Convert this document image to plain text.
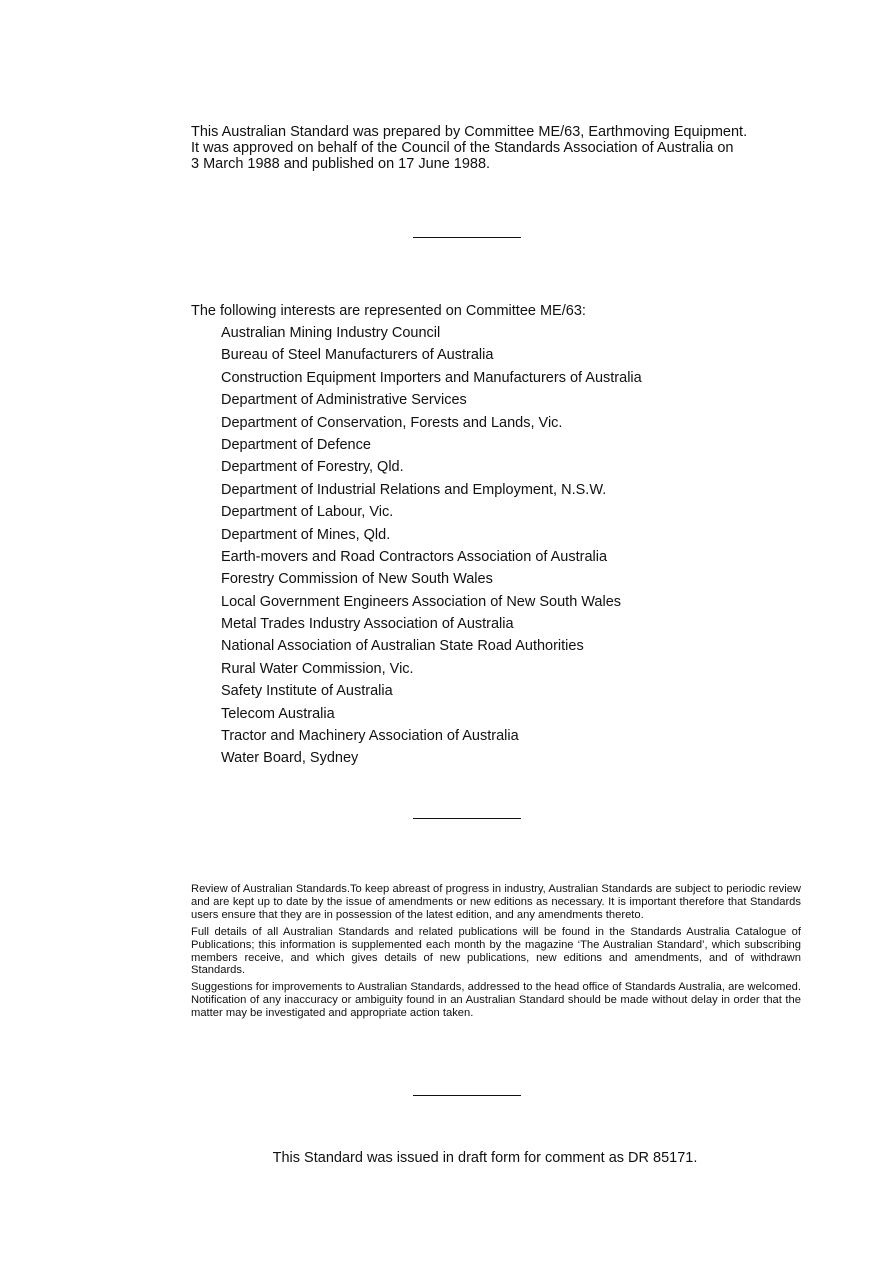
This Australian Standard was prepared by Committee ME/63, Earthmoving Equipment.

It was approved on behalf of the Council of the Standards Association of Australia on

3 March 1988 and published on 17 June 1988.

The following interests are represented on Committee ME/63:

Australian Mining Industry Council
Bureau of Steel Manufacturers of Australia
Construction Equipment Importers and Manufacturers of Australia
Department of Administrative Services
Department of Conservation, Forests and Lands, Vic.
Department of Defence
Department of Forestry, Qld.
Department of Industrial Relations and Employment, N.S.W.
Department of Labour, Vic.
Department of Mines, Qld.
Earth-movers and Road Contractors Association of Australia
Forestry Commission of New South Wales
Local Government Engineers Association of New South Wales
Metal Trades Industry Association of Australia
National Association of Australian State Road Authorities
Rural Water Commission, Vic.
Safety Institute of Australia
Telecom Australia
Tractor and Machinery Association of Australia
Water Board, Sydney

Review of Australian Standards.To keep abreast of progress in industry, Australian Standards are subject to periodic review and are kept up to date by the issue of amendments or new editions as necessary. It is important therefore that Standards users ensure that they are in possession of the latest edition, and any amendments thereto.

Full details of all Australian Standards and related publications will be found in the Standards Australia Catalogue of Publications; this information is supplemented each month by the magazine ‘The Australian Standard’, which subscribing members receive, and which gives details of new publications, new editions and amendments, and of withdrawn Standards.

Suggestions for improvements to Australian Standards, addressed to the head office of Standards Australia, are welcomed. Notification of any inaccuracy or ambiguity found in an Australian Standard should be made without delay in order that the matter may be investigated and appropriate action taken.

This Standard was issued in draft form for comment as DR 85171.
